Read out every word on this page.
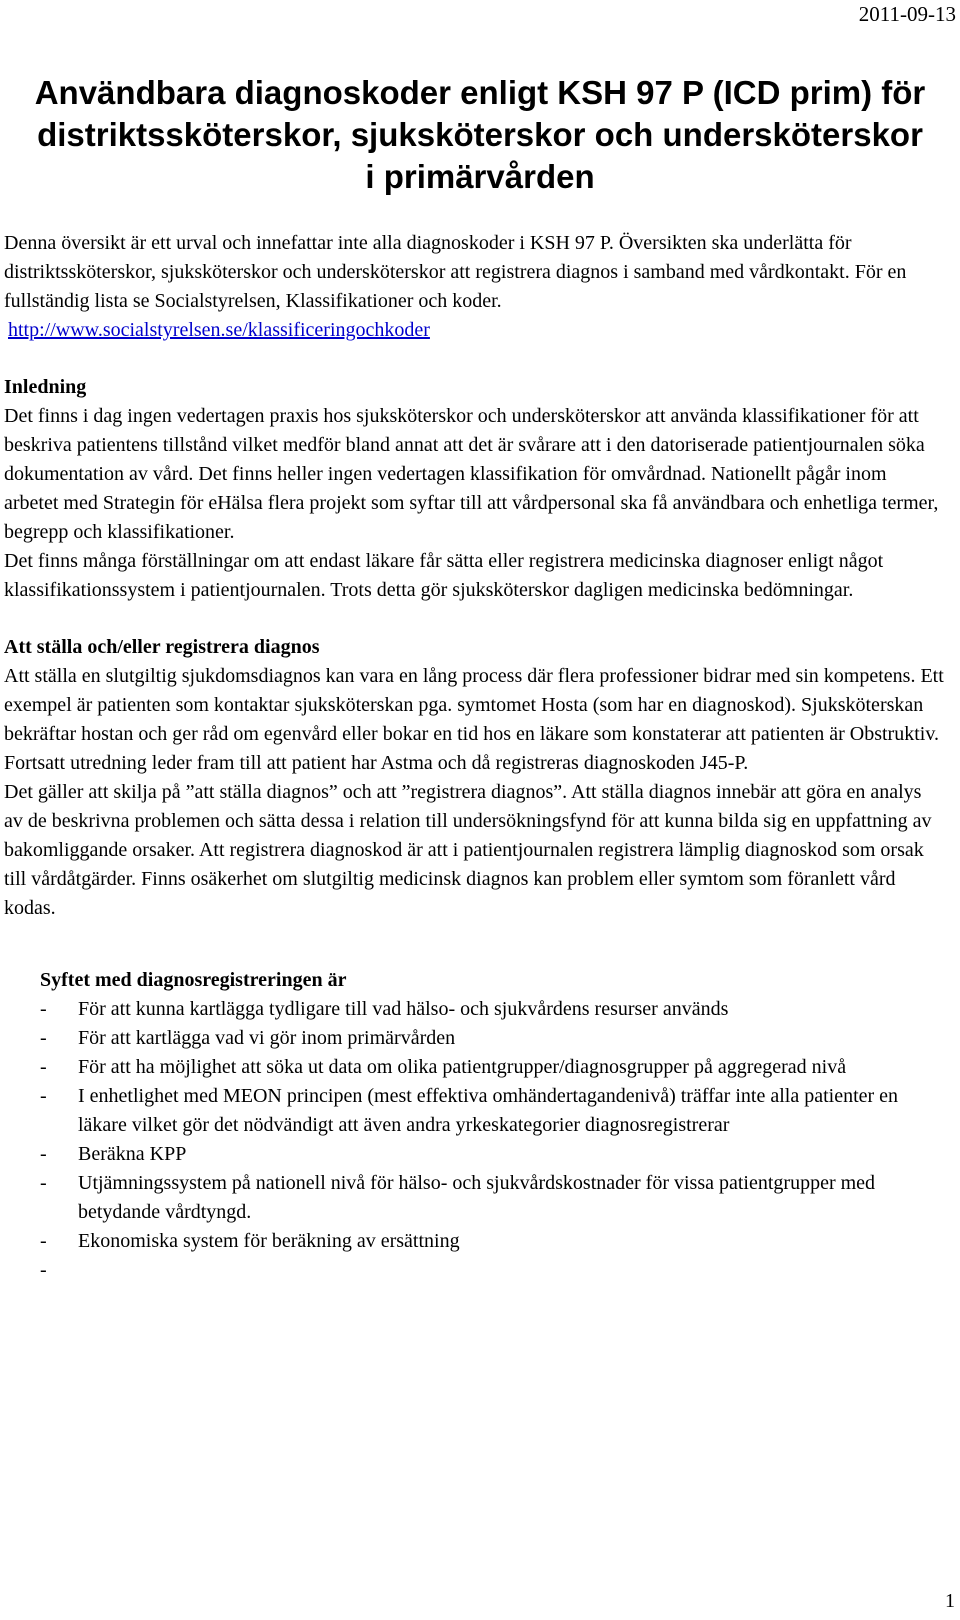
2011-09-13
Användbara diagnoskoder enligt KSH 97 P (ICD prim) för distriktssköterskor, sjuksköterskor och undersköterskor i primärvården

Denna översikt är ett urval och innefattar inte alla diagnoskoder i KSH 97 P. Översikten ska underlätta för distriktssköterskor, sjuksköterskor och undersköterskor att registrera diagnos i samband med vårdkontakt. För en fullständig lista se Socialstyrelsen, Klassifikationer och koder.

http://www.socialstyrelsen.se/klassificeringochkoder

Inledning

Det finns i dag ingen vedertagen praxis hos sjuksköterskor och undersköterskor att använda klassifikationer för att beskriva patientens tillstånd vilket medför bland annat att det är svårare att i den datoriserade patientjournalen söka dokumentation av vård. Det finns heller ingen vedertagen klassifikation för omvårdnad. Nationellt pågår inom arbetet med Strategin för eHälsa flera projekt som syftar till att vårdpersonal ska få användbara och enhetliga termer, begrepp och klassifikationer.

Det finns många förställningar om att endast läkare får sätta eller registrera medicinska diagnoser enligt något klassifikationssystem i patientjournalen. Trots detta gör sjuksköterskor dagligen medicinska bedömningar.

Att ställa och/eller registrera diagnos

Att ställa en slutgiltig sjukdomsdiagnos kan vara en lång process där flera professioner bidrar med sin kompetens. Ett exempel är patienten som kontaktar sjuksköterskan pga. symtomet Hosta (som har en diagnoskod). Sjuksköterskan bekräftar hostan och ger råd om egenvård eller bokar en tid hos en läkare som konstaterar att patienten är Obstruktiv. Fortsatt utredning leder fram till att patient har Astma och då registreras diagnoskoden J45-P.

Det gäller att skilja på ”att ställa diagnos” och att ”registrera diagnos”. Att ställa diagnos innebär att göra en analys av de beskrivna problemen och sätta dessa i relation till undersökningsfynd för att kunna bilda sig en uppfattning av bakomliggande orsaker. Att registrera diagnoskod är att i patientjournalen registrera lämplig diagnoskod som orsak till vårdåtgärder. Finns osäkerhet om slutgiltig medicinsk diagnos kan problem eller symtom som föranlett vård kodas.

Syftet med diagnosregistreringen är

- För att kunna kartlägga tydligare till vad hälso- och sjukvårdens resurser används
- För att kartlägga vad vi gör inom primärvården
- För att ha möjlighet att söka ut data om olika patientgrupper/diagnosgrupper på aggregerad nivå
- I enhetlighet med MEON principen (mest effektiva omhändertagandenivå) träffar inte alla patienter en läkare vilket gör det nödvändigt att även andra yrkeskategorier diagnosregistrerar
- Beräkna KPP
- Utjämningssystem på nationell nivå för hälso- och sjukvårdskostnader för vissa patientgrupper med betydande vårdtyngd.
- Ekonomiska system för beräkning av ersättning
-
1
